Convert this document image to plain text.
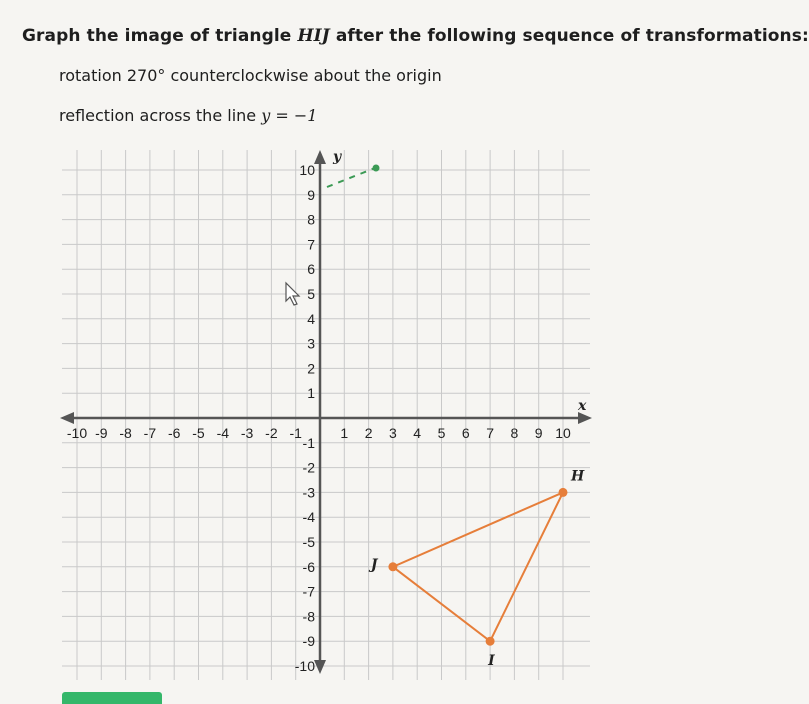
Graph the image of triangle HIJ after the following sequence of transformations:
rotation 270° counterclockwise about the origin
reflection across the line y = −1
x
y
-10 -9 -8 -7 -6 -5 -4 -3 -2 -1	1 2 3 4 5 6 7 8 9 10
10
9
8
7
6
5
4
3
2
1
-1
-2
-3
-4
-5
-6
-7
-8
-9
-10
H
I
J
